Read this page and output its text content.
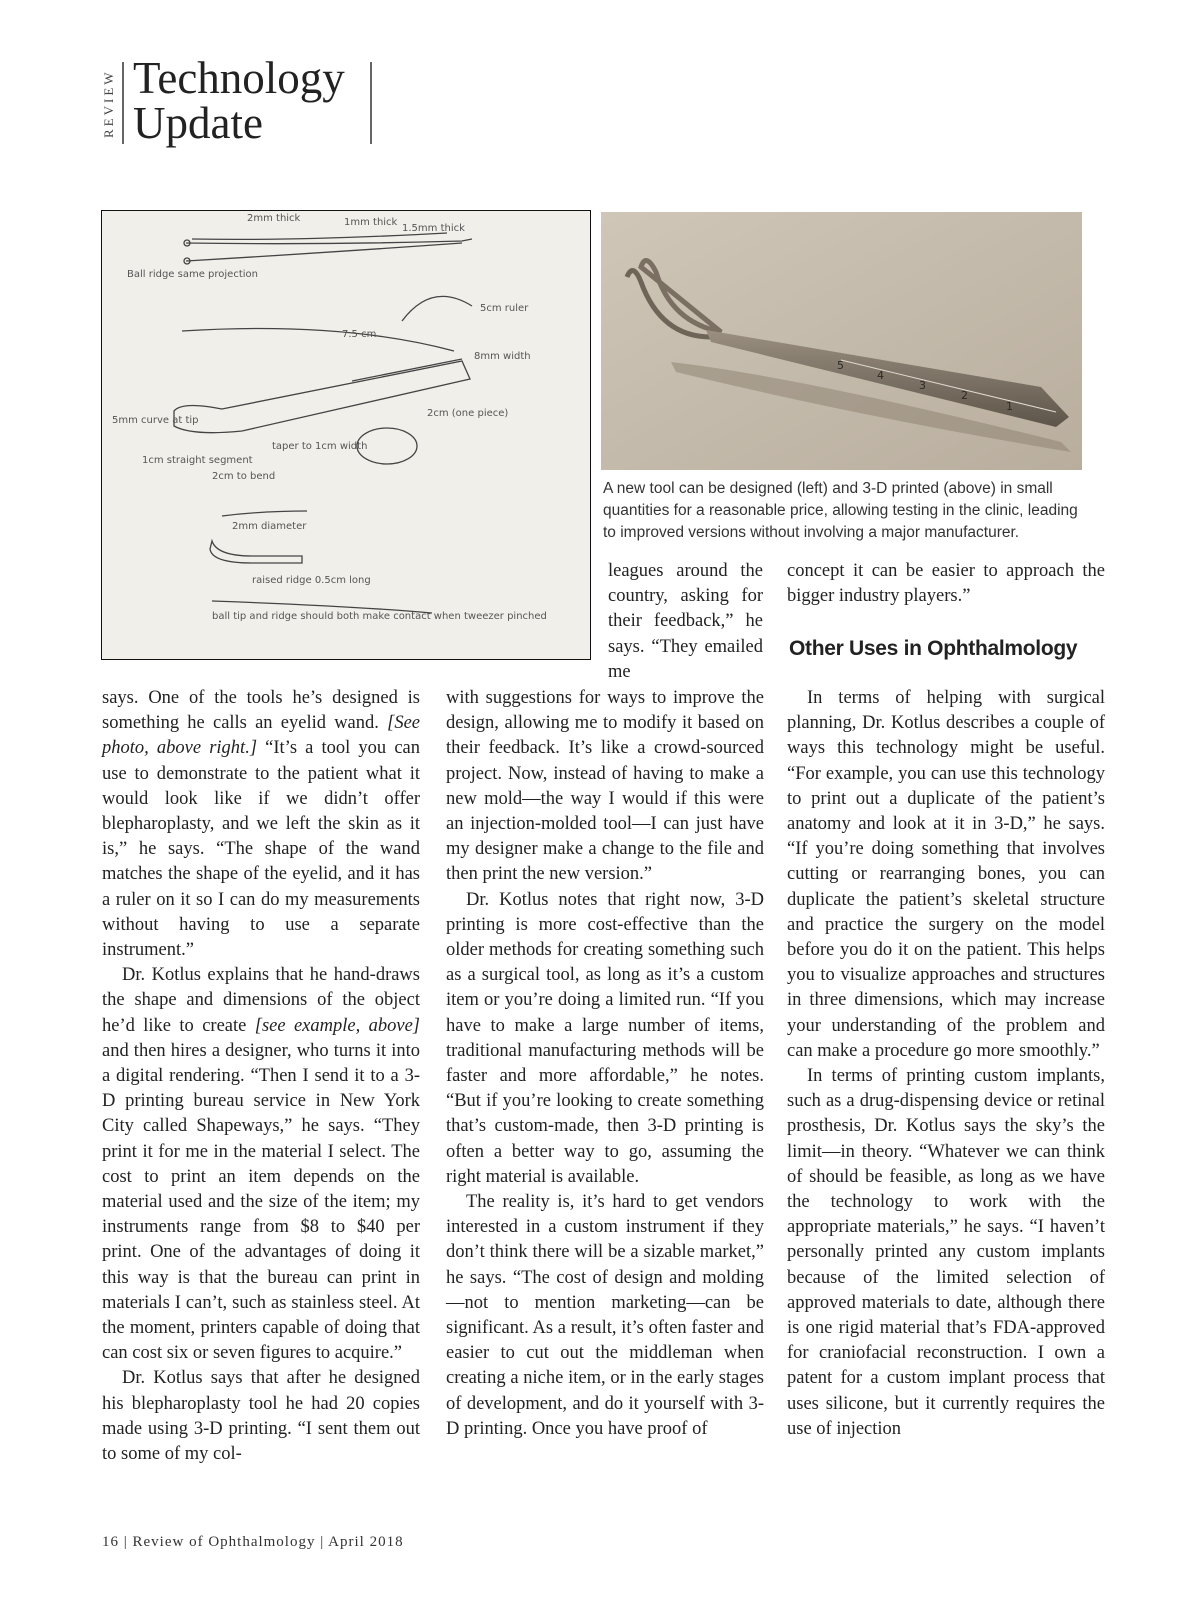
REVIEW Technology
Update
2mm thick	1mm thick
1.5mm thick
Ball ridge same projection
5cm ruler
7.5 cm
8mm width
5mm curve at tip
1cm straight segment
2cm to bend
taper to 1cm width
2cm (one piece)
2mm diameter
raised ridge 0.5cm long
ball tip and ridge should both make contact when tweezer pinched
5
4
3
2
1
A new tool can be designed (left) and 3-D printed (above) in small quantities for a reasonable price, allowing testing in the clinic, leading to improved versions without involving a major manufacturer.

says. One of the tools he’s designed is something he calls an eyelid wand. [See photo, above right.] “It’s a tool you can use to demonstrate to the patient what it would look like if we didn’t offer blepharoplasty, and we left the skin as it is,” he says. “The shape of the wand matches the shape of the eyelid, and it has a ruler on it so I can do my measurements without having to use a separate instrument.”

Dr. Kotlus explains that he hand-draws the shape and dimensions of the object he’d like to create [see example, above] and then hires a designer, who turns it into a digital rendering. “Then I send it to a 3-D printing bureau service in New York City called Shapeways,” he says. “They print it for me in the material I select. The cost to print an item depends on the material used and the size of the item; my instruments range from $8 to $40 per print. One of the advantages of doing it this way is that the bureau can print in materials I can’t, such as stainless steel. At the moment, printers capable of doing that can cost six or seven figures to acquire.”

Dr. Kotlus says that after he designed his blepharoplasty tool he had 20 copies made using 3-D printing. “I sent them out to some of my col-

leagues around the country, asking for their feedback,” he says. “They emailed me

with suggestions for ways to improve the design, allowing me to modify it based on their feedback. It’s like a crowd-sourced project. Now, instead of having to make a new mold—the way I would if this were an injection-molded tool—I can just have my designer make a change to the file and then print the new version.”

Dr. Kotlus notes that right now, 3-D printing is more cost-effective than the older methods for creating something such as a surgical tool, as long as it’s a custom item or you’re doing a limited run. “If you have to make a large number of items, traditional manufacturing methods will be faster and more affordable,” he notes. “But if you’re looking to create something that’s custom-made, then 3-D printing is often a better way to go, assuming the right material is available.

The reality is, it’s hard to get vendors interested in a custom instrument if they don’t think there will be a sizable market,” he says. “The cost of design and molding—not to mention marketing—can be significant. As a result, it’s often faster and easier to cut out the middleman when creating a niche item, or in the early stages of development, and do it yourself with 3-D printing. Once you have proof of

concept it can be easier to approach the bigger industry players.”

Other Uses in Ophthalmology

In terms of helping with surgical planning, Dr. Kotlus describes a couple of ways this technology might be useful. “For example, you can use this technology to print out a duplicate of the patient’s anatomy and look at it in 3-D,” he says. “If you’re doing something that involves cutting or rearranging bones, you can duplicate the patient’s skeletal structure and practice the surgery on the model before you do it on the patient. This helps you to visualize approaches and structures in three dimensions, which may increase your understanding of the problem and can make a procedure go more smoothly.”

In terms of printing custom implants, such as a drug-dispensing device or retinal prosthesis, Dr. Kotlus says the sky’s the limit—in theory. “Whatever we can think of should be feasible, as long as we have the technology to work with the appropriate materials,” he says. “I haven’t personally printed any custom implants because of the limited selection of approved materials to date, although there is one rigid material that’s FDA-approved for craniofacial reconstruction. I own a patent for a custom implant process that uses silicone, but it currently requires the use of injection

16 | Review of Ophthalmology | April 2018
